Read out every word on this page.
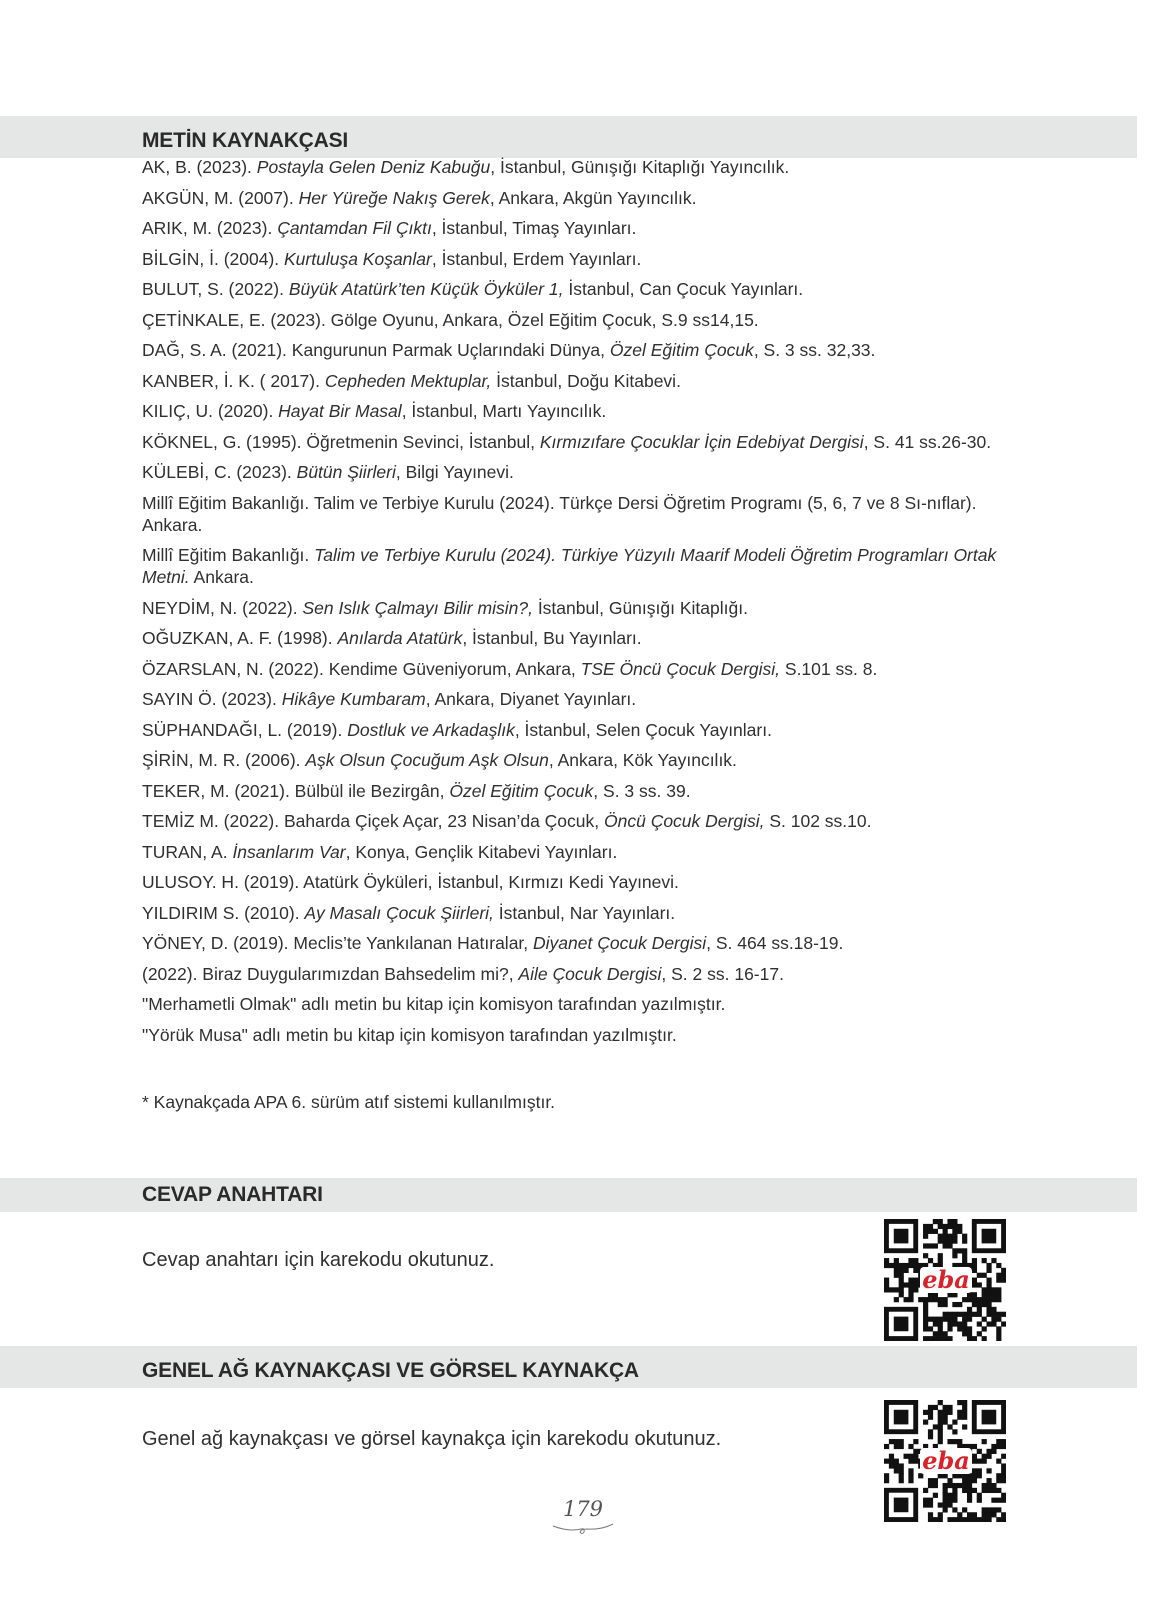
METİN KAYNAKÇASI
AK, B. (2023). Postayla Gelen Deniz Kabuğu, İstanbul, Günışığı Kitaplığı Yayıncılık.
AKGÜN, M. (2007). Her Yüreğe Nakış Gerek, Ankara, Akgün Yayıncılık.
ARIK, M. (2023). Çantamdan Fil Çıktı, İstanbul, Timaş Yayınları.
BİLGİN, İ. (2004). Kurtuluşa Koşanlar, İstanbul, Erdem Yayınları.
BULUT, S. (2022). Büyük Atatürk’ten Küçük Öyküler 1, İstanbul, Can Çocuk Yayınları.
ÇETİNKALE, E. (2023). Gölge Oyunu, Ankara, Özel Eğitim Çocuk, S.9 ss14,15.
DAĞ, S. A. (2021). Kangurunun Parmak Uçlarındaki Dünya, Özel Eğitim Çocuk, S. 3 ss. 32,33.
KANBER, İ. K. ( 2017). Cepheden Mektuplar, İstanbul, Doğu Kitabevi.
KILIÇ, U. (2020). Hayat Bir Masal, İstanbul, Martı Yayıncılık.
KÖKNEL, G. (1995). Öğretmenin Sevinci, İstanbul, Kırmızıfare Çocuklar İçin Edebiyat Dergisi, S. 41 ss.26-30.
KÜLEBİ, C. (2023). Bütün Şiirleri, Bilgi Yayınevi.
Millî Eğitim Bakanlığı. Talim ve Terbiye Kurulu (2024). Türkçe Dersi Öğretim Programı (5, 6, 7 ve 8 Sı-nıflar). Ankara.
Millî Eğitim Bakanlığı. Talim ve Terbiye Kurulu (2024). Türkiye Yüzyılı Maarif Modeli Öğretim Programları Ortak Metni. Ankara.
NEYDİM, N. (2022). Sen Islık Çalmayı Bilir misin?, İstanbul, Günışığı Kitaplığı.
OĞUZKAN, A. F. (1998). Anılarda Atatürk, İstanbul, Bu Yayınları.
ÖZARSLAN, N. (2022). Kendime Güveniyorum, Ankara, TSE Öncü Çocuk Dergisi, S.101 ss. 8.
SAYIN Ö. (2023). Hikâye Kumbaram, Ankara, Diyanet Yayınları.
SÜPHANDAĞI, L. (2019). Dostluk ve Arkadaşlık, İstanbul, Selen Çocuk Yayınları.
ŞİRİN, M. R. (2006). Aşk Olsun Çocuğum Aşk Olsun, Ankara, Kök Yayıncılık.
TEKER, M. (2021). Bülbül ile Bezirgân, Özel Eğitim Çocuk, S. 3 ss. 39.
TEMİZ M. (2022). Baharda Çiçek Açar, 23 Nisan’da Çocuk, Öncü Çocuk Dergisi, S. 102 ss.10.
TURAN, A. İnsanlarım Var, Konya, Gençlik Kitabevi Yayınları.
ULUSOY. H. (2019). Atatürk Öyküleri, İstanbul, Kırmızı Kedi Yayınevi.
YILDIRIM S. (2010). Ay Masalı Çocuk Şiirleri, İstanbul, Nar Yayınları.
YÖNEY, D. (2019). Meclis’te Yankılanan Hatıralar, Diyanet Çocuk Dergisi, S. 464 ss.18-19.
(2022). Biraz Duygularımızdan Bahsedelim mi?, Aile Çocuk Dergisi, S. 2 ss. 16-17.
"Merhametli Olmak" adlı metin bu kitap için komisyon tarafından yazılmıştır.
"Yörük Musa" adlı metin bu kitap için komisyon tarafından yazılmıştır.
* Kaynakçada APA 6. sürüm atıf sistemi kullanılmıştır.
CEVAP ANAHTARI
Cevap anahtarı için karekodu okutunuz.
eba
GENEL AĞ KAYNAKÇASI VE GÖRSEL KAYNAKÇA
Genel ağ kaynakçası ve görsel kaynakça için karekodu okutunuz.
eba
179
